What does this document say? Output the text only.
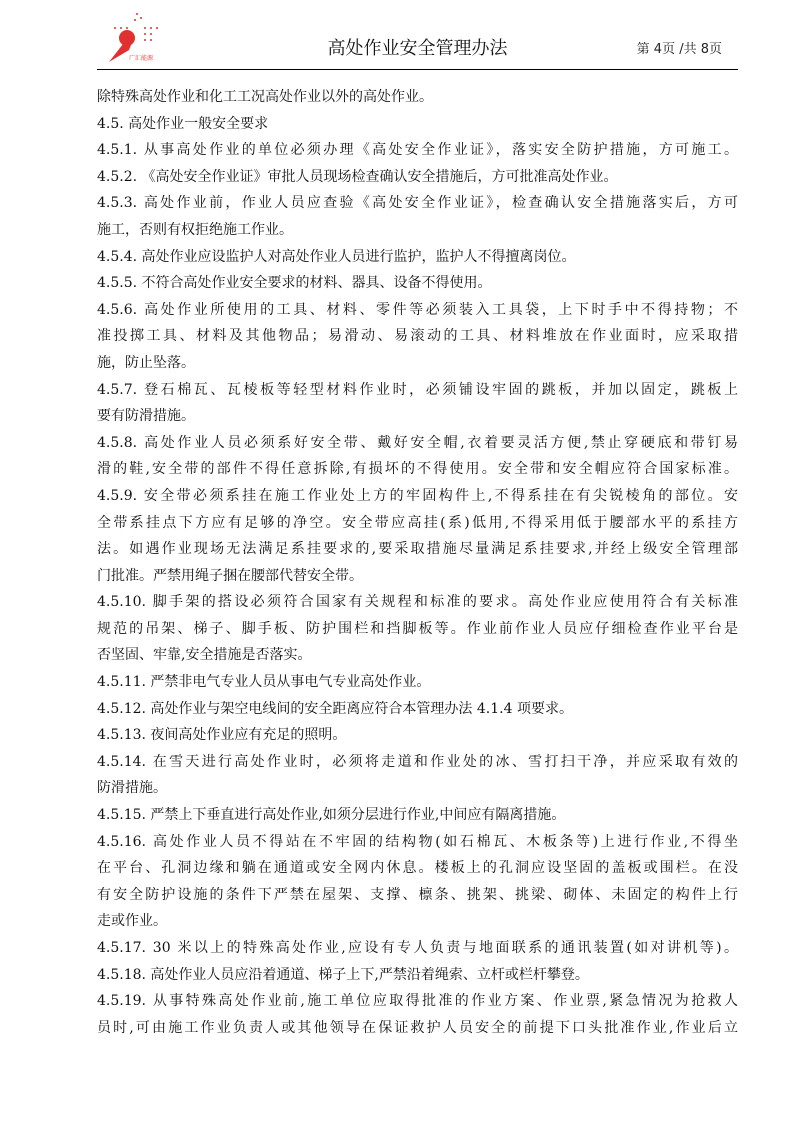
广汇能源	高处作业安全管理办法	第 4页 /共 8页
除特殊高处作业和化工工况高处作业以外的高处作业。
4.5. 高处作业一般安全要求
4.5.1. 从事高处作业的单位必须办理《高处安全作业证》，落实安全防护措施，方可施工。
4.5.2. 《高处安全作业证》审批人员现场检查确认安全措施后，方可批准高处作业。
4.5.3. 高处作业前，作业人员应查验《高处安全作业证》，检查确认安全措施落实后，方可
施工，否则有权拒绝施工作业。
4.5.4. 高处作业应设监护人对高处作业人员进行监护，监护人不得擅离岗位。
4.5.5. 不符合高处作业安全要求的材料、器具、设备不得使用。
4.5.6. 高处作业所使用的工具、材料、零件等必须装入工具袋，上下时手中不得持物；不
准投掷工具、材料及其他物品；易滑动、易滚动的工具、材料堆放在作业面时，应采取措
施，防止坠落。
4.5.7. 登石棉瓦、瓦棱板等轻型材料作业时，必须铺设牢固的跳板，并加以固定，跳板上
要有防滑措施。
4.5.8. 高处作业人员必须系好安全带、戴好安全帽,衣着要灵活方便,禁止穿硬底和带钉易
滑的鞋,安全带的部件不得任意拆除,有损坏的不得使用。安全带和安全帽应符合国家标准。
4.5.9. 安全带必须系挂在施工作业处上方的牢固构件上,不得系挂在有尖锐棱角的部位。安
全带系挂点下方应有足够的净空。安全带应高挂(系)低用,不得采用低于腰部水平的系挂方
法。如遇作业现场无法满足系挂要求的,要采取措施尽量满足系挂要求,并经上级安全管理部
门批准。严禁用绳子捆在腰部代替安全带。
4.5.10. 脚手架的搭设必须符合国家有关规程和标准的要求。高处作业应使用符合有关标准
规范的吊架、梯子、脚手板、防护围栏和挡脚板等。作业前作业人员应仔细检查作业平台是
否坚固、牢靠,安全措施是否落实。
4.5.11. 严禁非电气专业人员从事电气专业高处作业。
4.5.12. 高处作业与架空电线间的安全距离应符合本管理办法 4.1.4 项要求。
4.5.13. 夜间高处作业应有充足的照明。
4.5.14. 在雪天进行高处作业时，必须将走道和作业处的冰、雪打扫干净，并应采取有效的
防滑措施。
4.5.15. 严禁上下垂直进行高处作业,如须分层进行作业,中间应有隔离措施。
4.5.16. 高处作业人员不得站在不牢固的结构物(如石棉瓦、木板条等)上进行作业,不得坐
在平台、孔洞边缘和躺在通道或安全网内休息。楼板上的孔洞应设坚固的盖板或围栏。在没
有安全防护设施的条件下严禁在屋架、支撑、檩条、挑架、挑梁、砌体、未固定的构件上行
走或作业。
4.5.17. 30 米以上的特殊高处作业,应设有专人负责与地面联系的通讯装置(如对讲机等)。
4.5.18. 高处作业人员应沿着通道、梯子上下,严禁沿着绳索、立杆或栏杆攀登。
4.5.19. 从事特殊高处作业前,施工单位应取得批准的作业方案、作业票,紧急情况为抢救人
员时,可由施工作业负责人或其他领导在保证救护人员安全的前提下口头批准作业,作业后立
